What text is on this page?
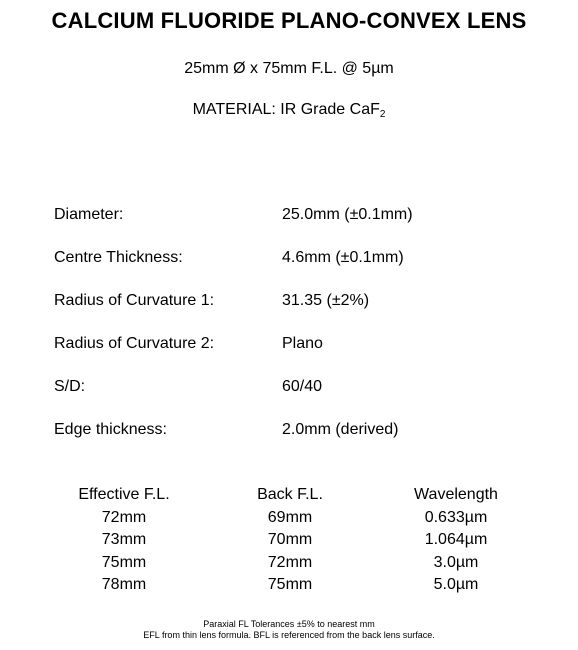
CALCIUM FLUORIDE PLANO-CONVEX LENS
25mm Ø x 75mm F.L. @ 5µm
MATERIAL: IR Grade CaF$_2$
Diameter:	25.0mm (±0.1mm)
Centre Thickness:	4.6mm (±0.1mm)
Radius of Curvature 1:	31.35 (±2%)
Radius of Curvature 2:	Plano
S/D:	60/40
Edge thickness:	2.0mm (derived)
Effective F.L.	Back F.L.	Wavelength
72mm	69mm	0.633µm
73mm	70mm	1.064µm
75mm	72mm	3.0µm
78mm	75mm	5.0µm
Paraxial FL Tolerances ±5% to nearest mm
EFL from thin lens formula. BFL is referenced from the back lens surface.
